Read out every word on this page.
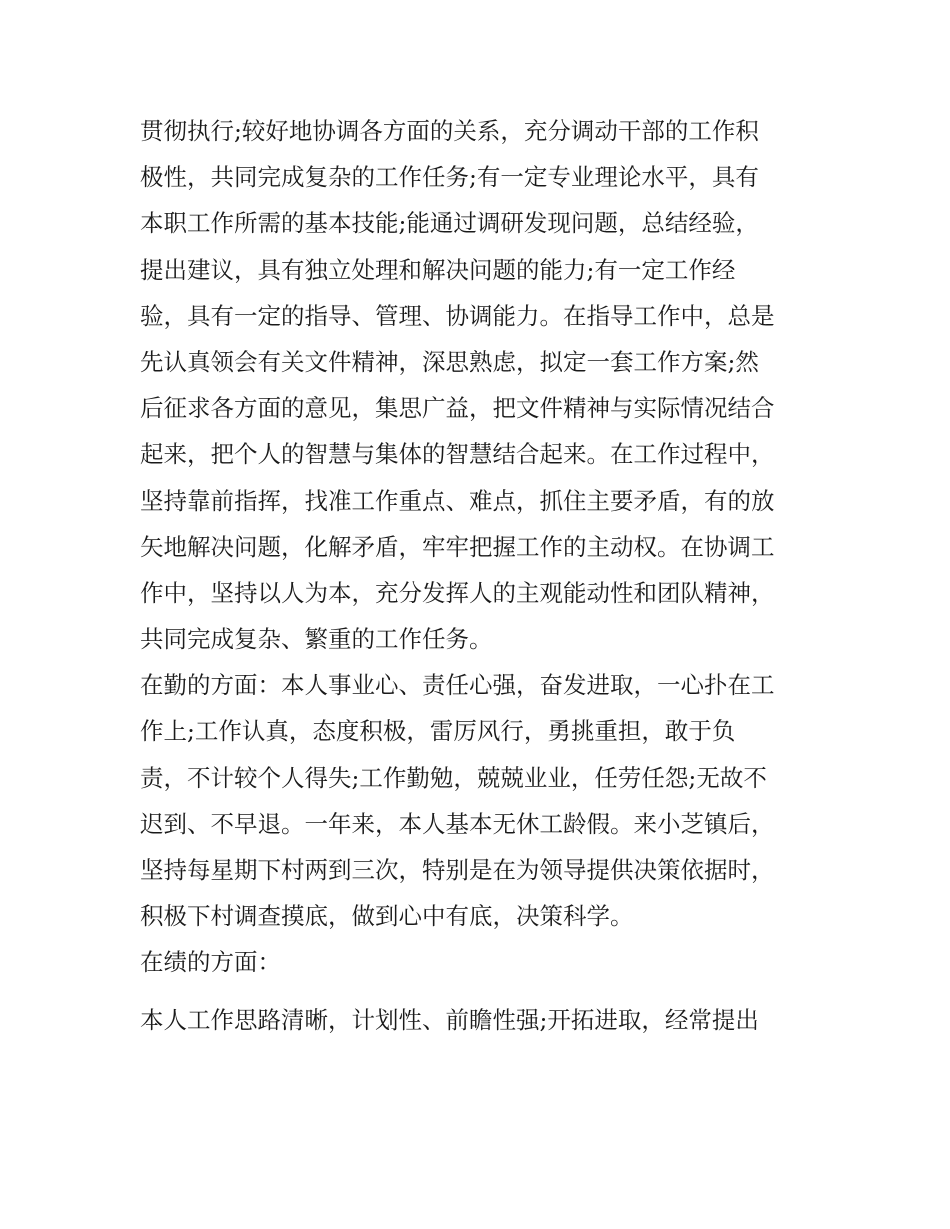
贯彻执行;较好地协调各方面的关系，充分调动干部的工作积
极性，共同完成复杂的工作任务;有一定专业理论水平，具有
本职工作所需的基本技能;能通过调研发现问题，总结经验，
提出建议，具有独立处理和解决问题的能力;有一定工作经
验，具有一定的指导、管理、协调能力。在指导工作中，总是
先认真领会有关文件精神，深思熟虑，拟定一套工作方案;然
后征求各方面的意见，集思广益，把文件精神与实际情况结合
起来，把个人的智慧与集体的智慧结合起来。在工作过程中，
坚持靠前指挥，找准工作重点、难点，抓住主要矛盾，有的放
矢地解决问题，化解矛盾，牢牢把握工作的主动权。在协调工
作中，坚持以人为本，充分发挥人的主观能动性和团队精神，
共同完成复杂、繁重的工作任务。
在勤的方面：本人事业心、责任心强，奋发进取，一心扑在工
作上;工作认真，态度积极，雷厉风行，勇挑重担，敢于负
责，不计较个人得失;工作勤勉，兢兢业业，任劳任怨;无故不
迟到、不早退。一年来，本人基本无休工龄假。来小芝镇后，
坚持每星期下村两到三次，特别是在为领导提供决策依据时，
积极下村调查摸底，做到心中有底，决策科学。
在绩的方面：
本人工作思路清晰，计划性、前瞻性强;开拓进取，经常提出
